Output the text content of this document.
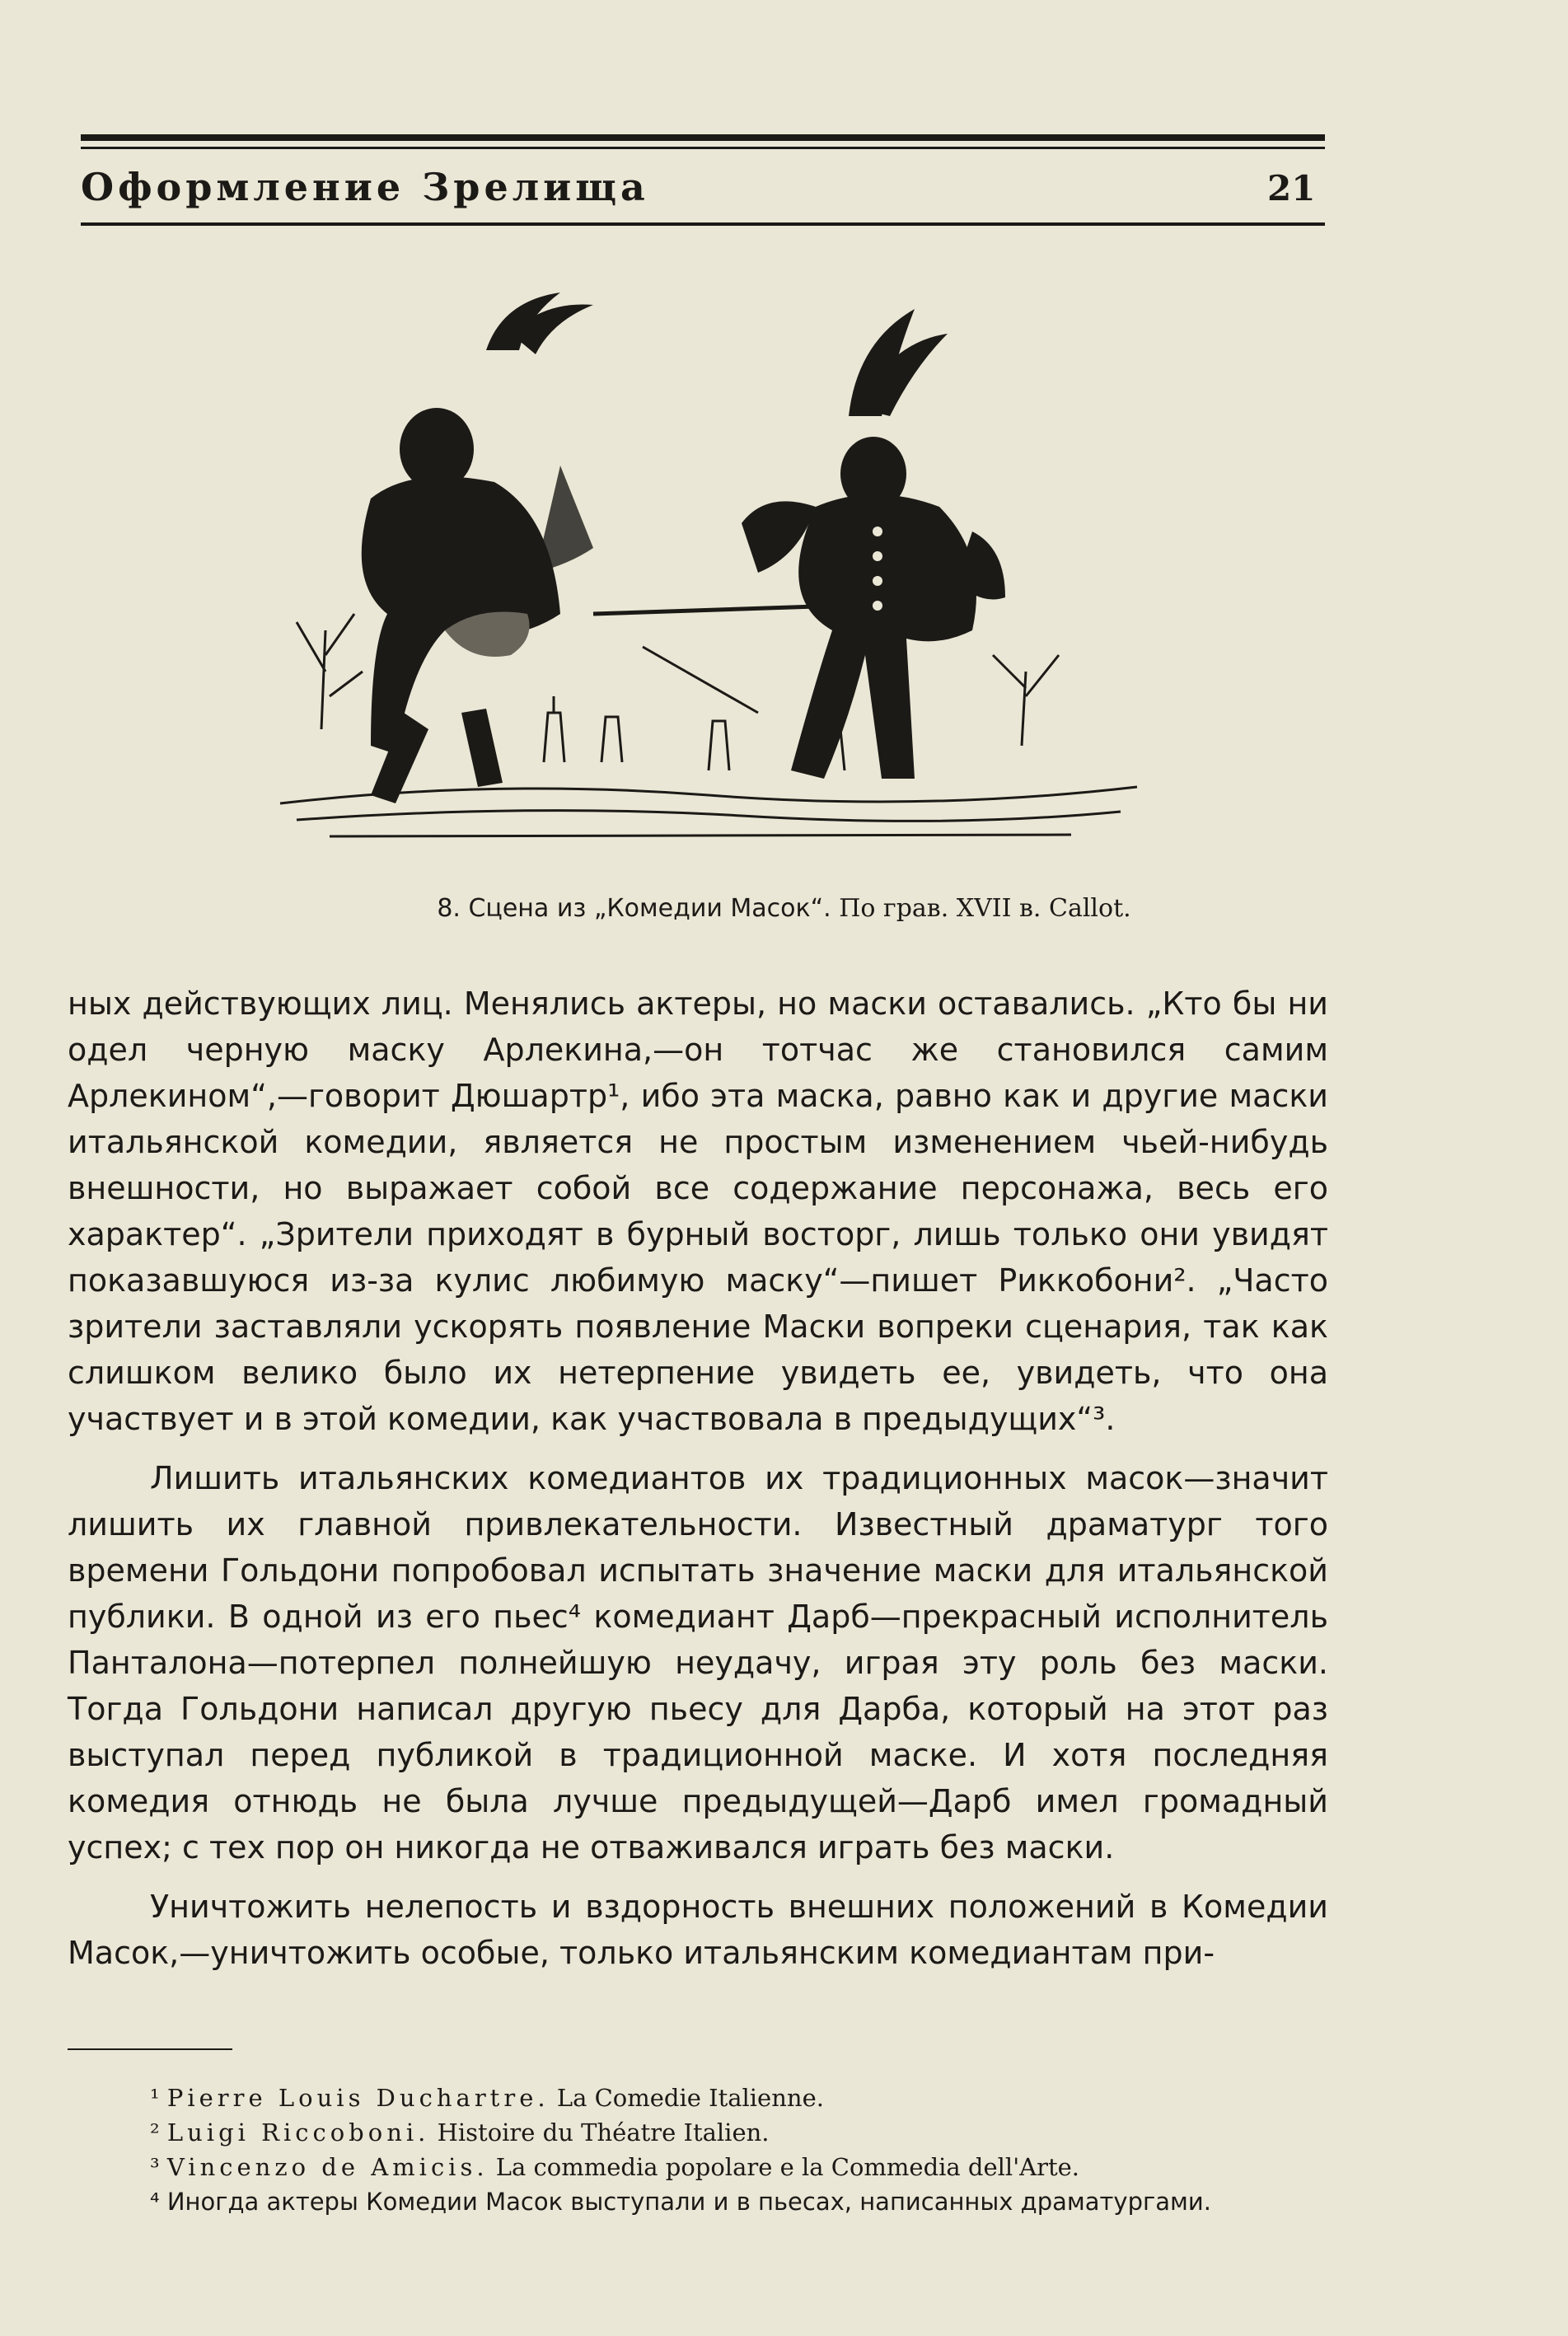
Оформление Зрелища	21
8. Сцена из „Комедии Масок“. По грав. XVII в. Callot.

ных действующих лиц. Менялись актеры, но маски оставались. „Кто бы ни одел черную маску Арлекина,—он тотчас же становился самим Арлекином“,—говорит Дюшартр¹, ибо эта маска, равно как и другие маски итальянской комедии, является не простым изменением чьей-нибудь внешности, но выражает собой все содержание персонажа, весь его характер“. „Зрители приходят в бурный восторг, лишь только они увидят показавшуюся из-за кулис любимую маску“—пишет Риккобони². „Часто зрители заставляли ускорять появление Маски вопреки сценария, так как слишком велико было их нетерпение увидеть ее, увидеть, что она участвует и в этой комедии, как участвовала в предыдущих“³.

Лишить итальянских комедиантов их традиционных масок—значит лишить их главной привлекательности. Известный драматург того времени Гольдони попробовал испытать значение маски для итальянской публики. В одной из его пьес⁴ комедиант Дарб—прекрасный исполнитель Панталона—потерпел полнейшую неудачу, играя эту роль без маски. Тогда Гольдони написал другую пьесу для Дарба, который на этот раз выступал перед публикой в традиционной маске. И хотя последняя комедия отнюдь не была лучше предыдущей—Дарб имел громадный успех; с тех пор он никогда не отваживался играть без маски.

Уничтожить нелепость и вздорность внешних положений в Комедии Масок,—уничтожить особые, только итальянским комедиантам при-

¹ Pierre Louis Duchartre. La Comedie Italienne.

² Luigi Riccoboni. Histoire du Théatre Italien.

³ Vincenzo de Amicis. La commedia popolare e la Commedia dell'Arte.

⁴ Иногда актеры Комедии Масок выступали и в пьесах, написанных драматургами.
